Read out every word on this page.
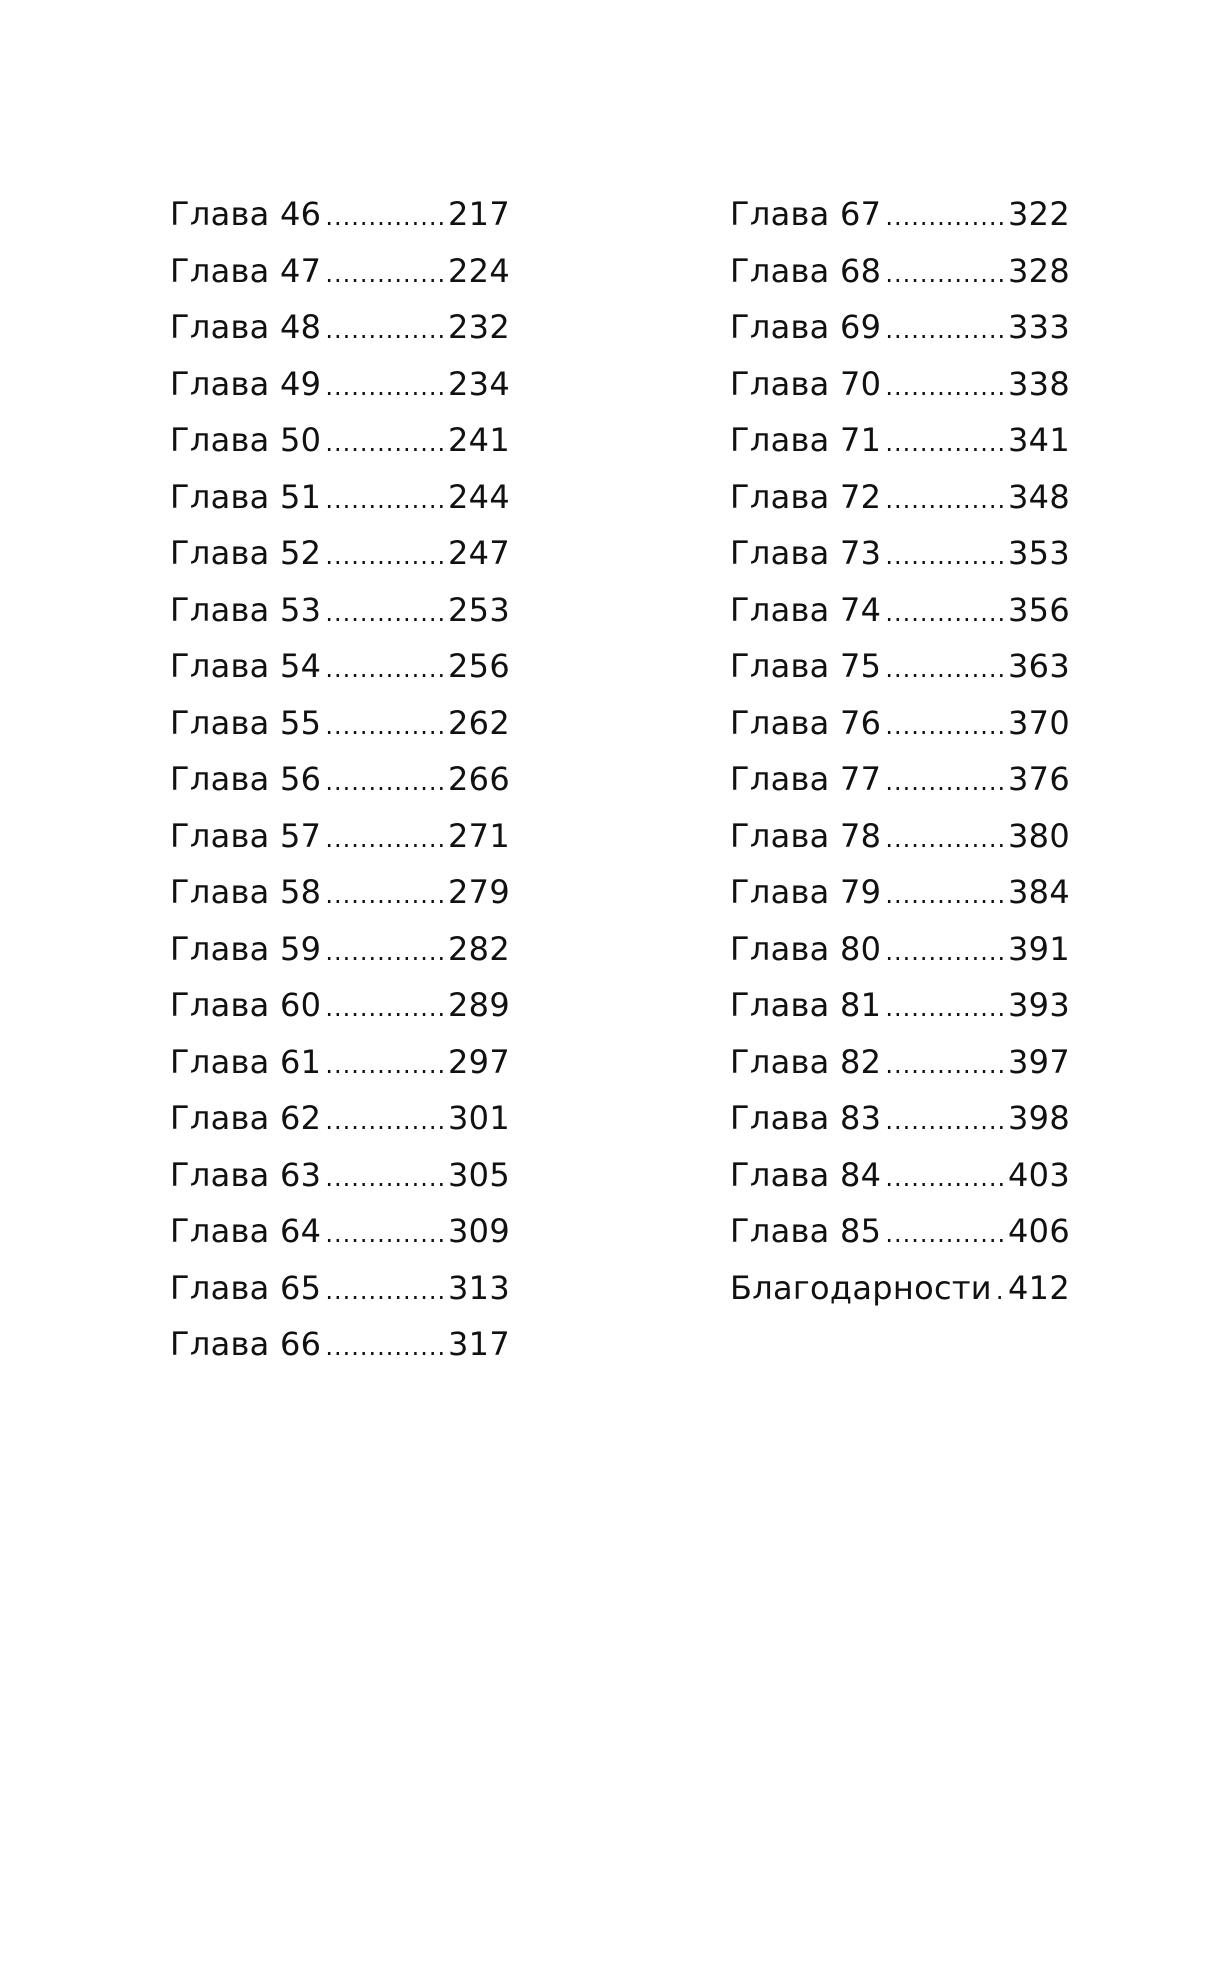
Глава 46 .....	217
Глава 47 .....	224
Глава 48 .....	232
Глава 49 .....	234
Глава 50 .....	241
Глава 51 .....	244
Глава 52 .....	247
Глава 53 .....	253
Глава 54 .....	256
Глава 55 .....	262
Глава 56 .....	266
Глава 57 .....	271
Глава 58 .....	279
Глава 59 .....	282
Глава 60 .....	289
Глава 61 .....	297
Глава 62 .....	301
Глава 63 .....	305
Глава 64 .....	309
Глава 65 .....	313
Глава 66 .....	317
Глава 67 .....	322
Глава 68 .....	328
Глава 69 .....	333
Глава 70 .....	338
Глава 71 .....	341
Глава 72 .....	348
Глава 73 .....	353
Глава 74 .....	356
Глава 75 .....	363
Глава 76 .....	370
Глава 77 .....	376
Глава 78 .....	380
Глава 79 .....	384
Глава 80 .....	391
Глава 81 .....	393
Глава 82 .....	397
Глава 83 .....	398
Глава 84 .....	403
Глава 85 .....	406
Благодарности ..... 412
